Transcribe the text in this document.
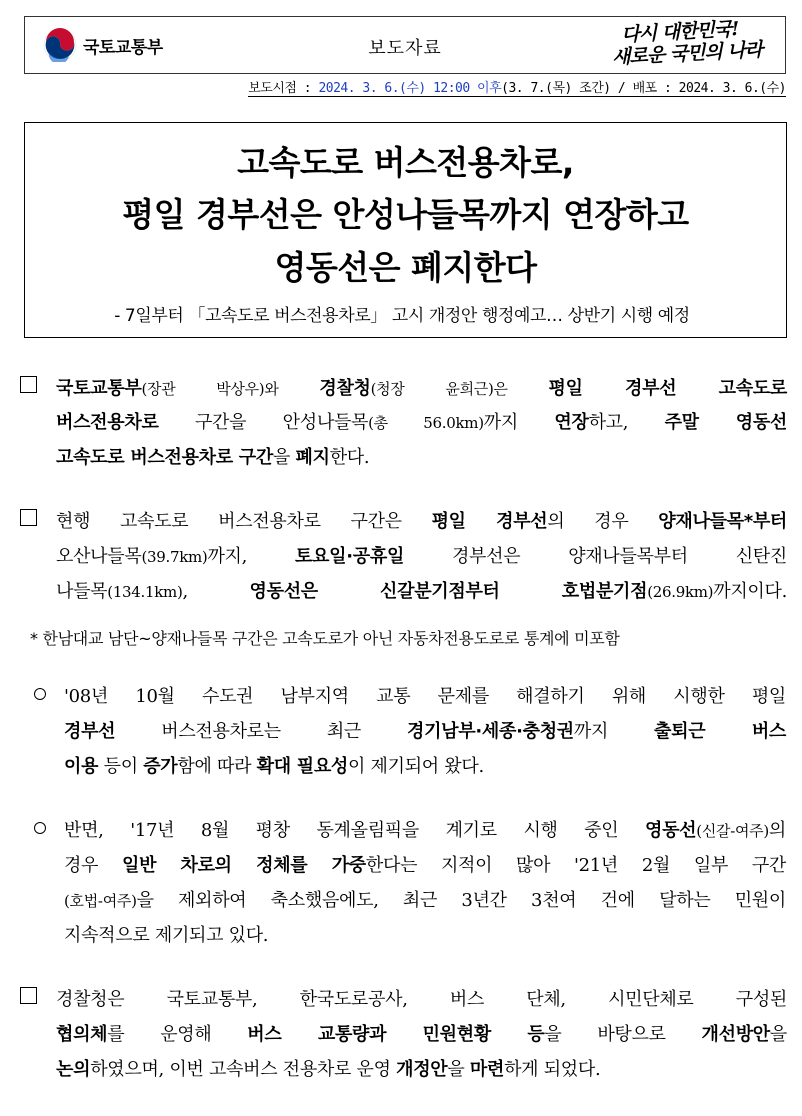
국토교통부	보도자료
다시 대한민국!
새로운 국민의 나라
보도시점 : 2024. 3. 6.(수) 12:00 이후(3. 7.(목) 조간) / 배포 : 2024. 3. 6.(수)
고속도로 버스전용차로,
평일 경부선은 안성나들목까지 연장하고
영동선은 폐지한다
- 7일부터 「고속도로 버스전용차로」 고시 개정안 행정예고… 상반기 시행 예정
국토교통부(장관 박상우)와 경찰청(청장 윤희근)은 평일 경부선 고속도로
버스전용차로 구간을 안성나들목(총 56.0km)까지 연장하고, 주말 영동선
고속도로 버스전용차로 구간을 폐지한다.
현행 고속도로 버스전용차로 구간은 평일 경부선의 경우 양재나들목*부터
오산나들목(39.7km)까지, 토요일·공휴일 경부선은 양재나들목부터 신탄진
나들목(134.1km), 영동선은 신갈분기점부터 호법분기점(26.9km)까지이다.
* 한남대교 남단~양재나들목 구간은 고속도로가 아닌 자동차전용도로로 통계에 미포함
'08년 10월 수도권 남부지역 교통 문제를 해결하기 위해 시행한 평일
경부선 버스전용차로는 최근 경기남부·세종·충청권까지 출퇴근 버스
이용 등이 증가함에 따라 확대 필요성이 제기되어 왔다.
반면, '17년 8월 평창 동계올림픽을 계기로 시행 중인 영동선(신갈-여주)의
경우 일반 차로의 정체를 가중한다는 지적이 많아 '21년 2월 일부 구간
(호법-여주)을 제외하여 축소했음에도, 최근 3년간 3천여 건에 달하는 민원이
지속적으로 제기되고 있다.
경찰청은 국토교통부, 한국도로공사, 버스 단체, 시민단체로 구성된
협의체를 운영해 버스 교통량과 민원현황 등을 바탕으로 개선방안을
논의하였으며, 이번 고속버스 전용차로 운영 개정안을 마련하게 되었다.
